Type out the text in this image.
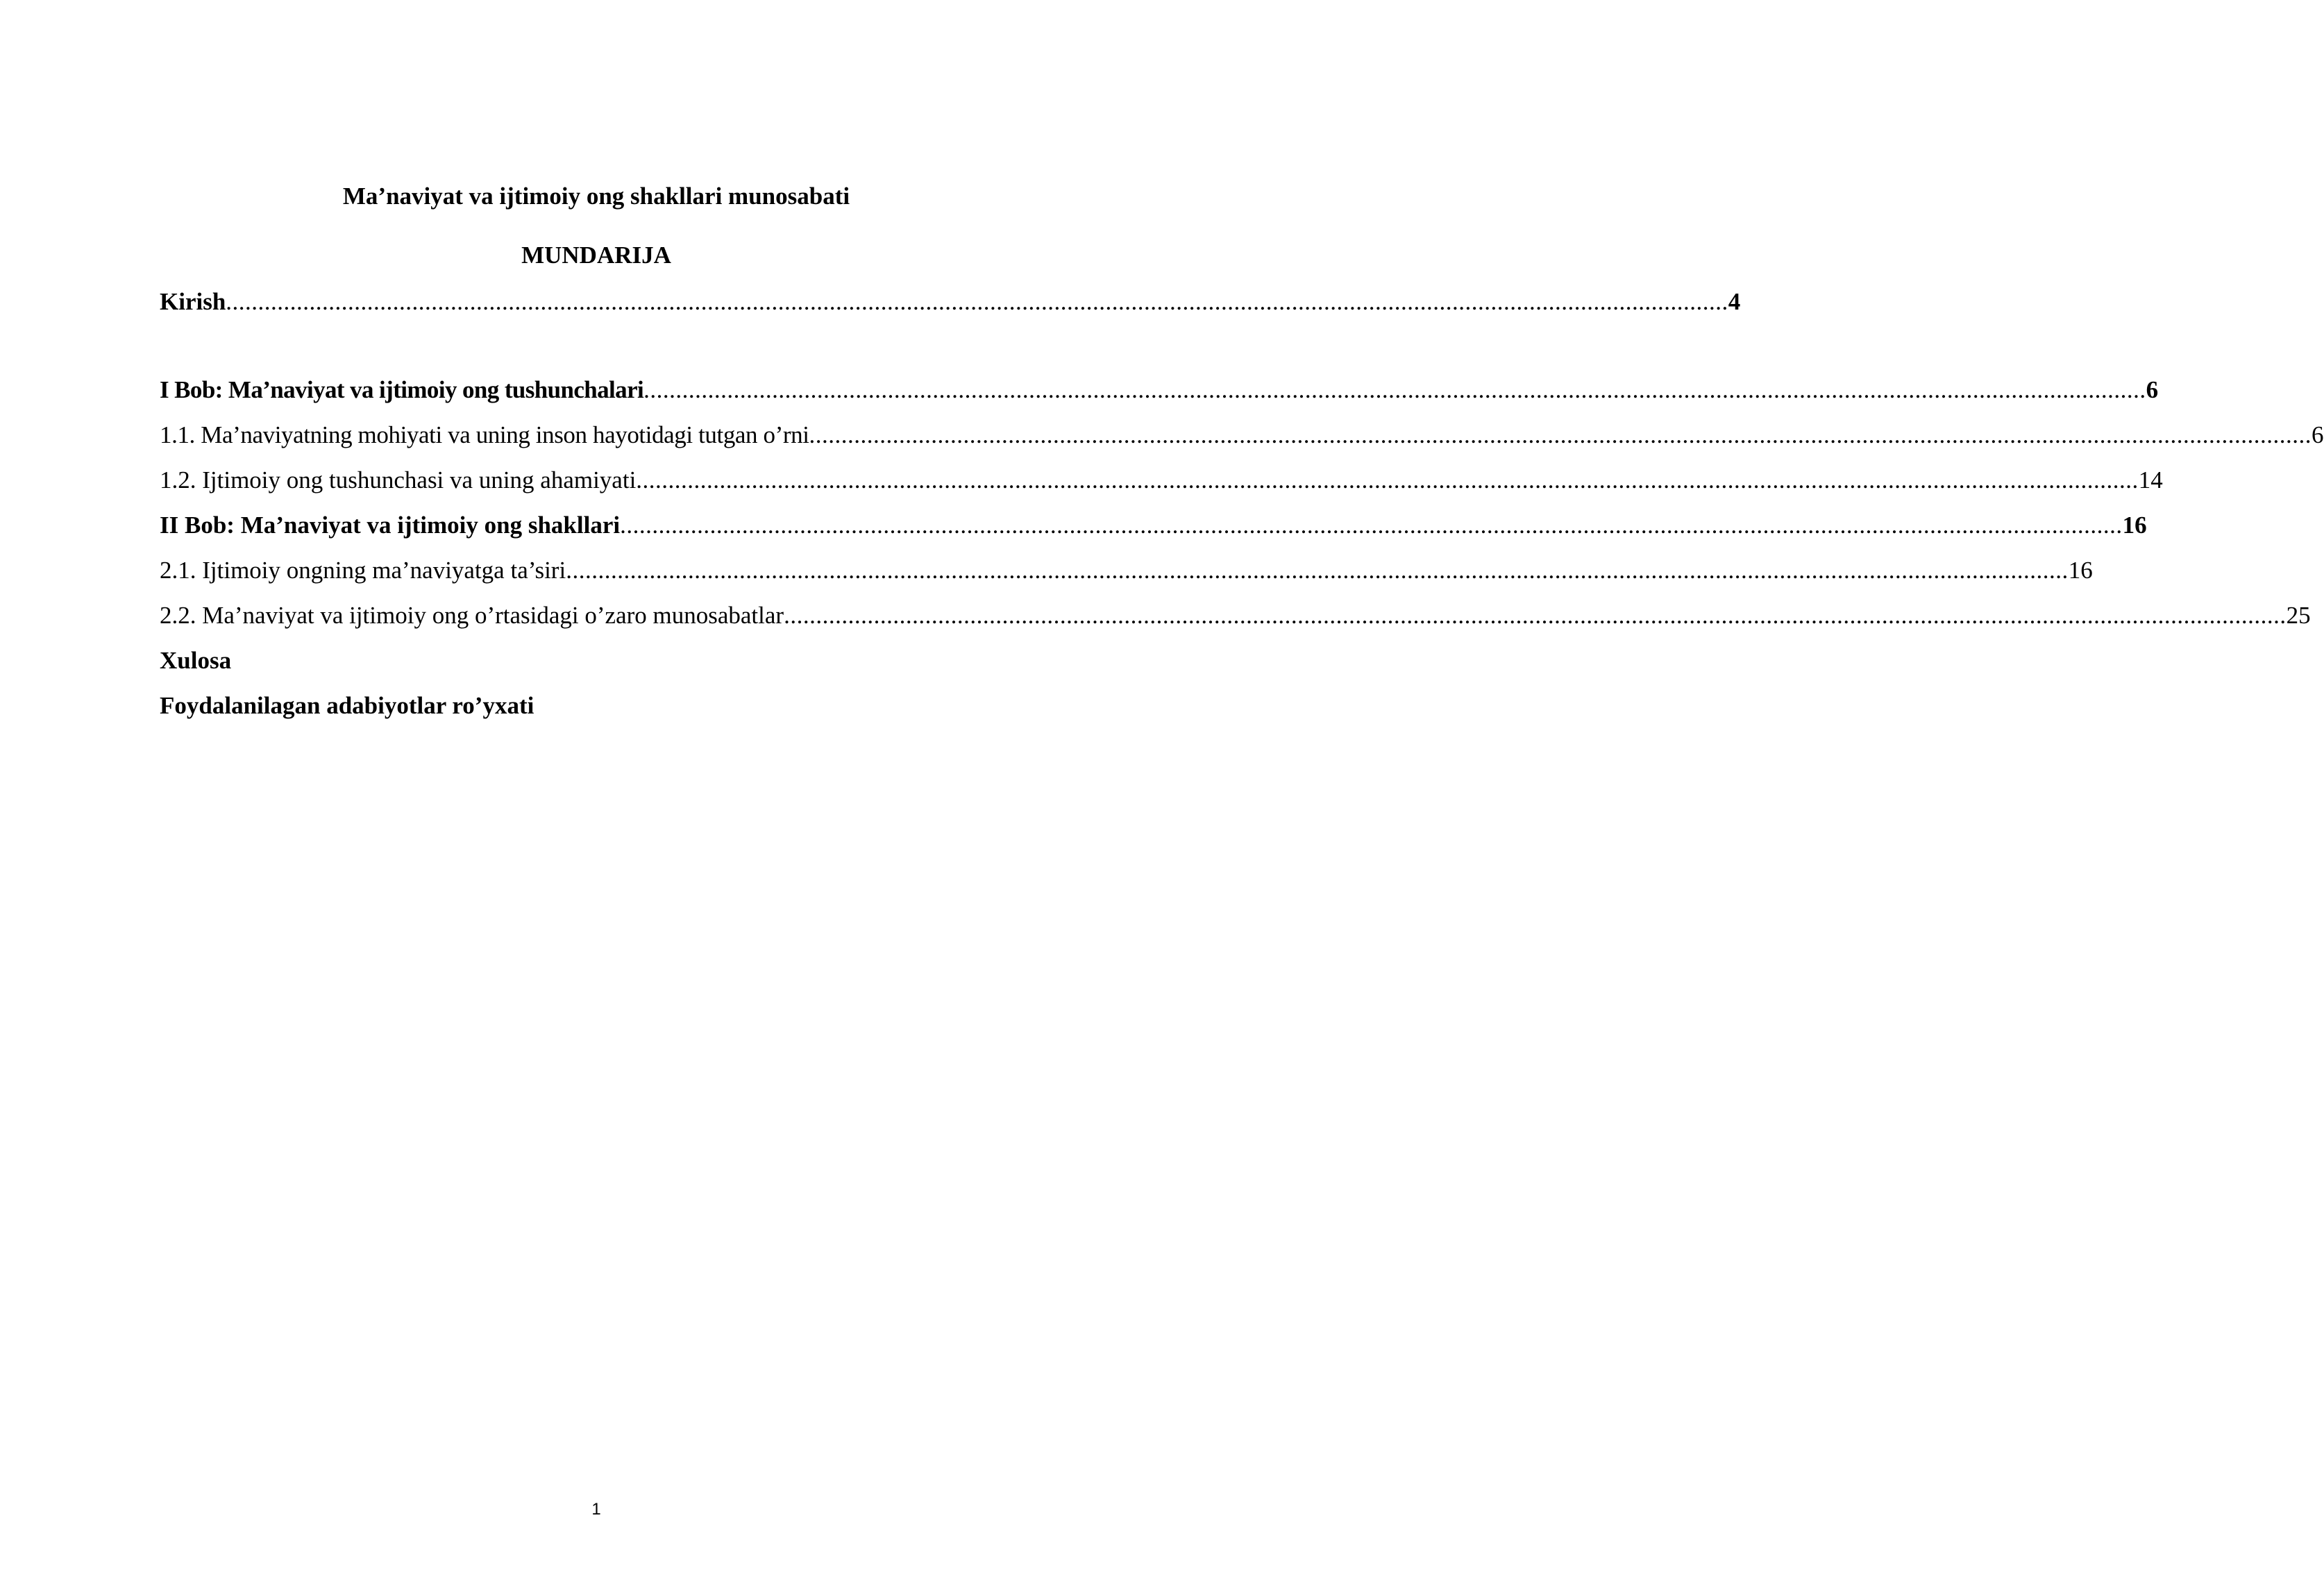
Ma’naviyat va ijtimoiy ong shakllari munosabati
MUNDARIJA
Kirish .......................................................................................................................................................................................................................................... 4
I Bob: Ma’naviyat va ijtimoiy ong tushunchalari .......................................................................................................................................................................................................................................... 6
1.1. Ma’naviyatning mohiyati va uning inson hayotidagi tutgan o’rni .......................................................................................................................................................................................................................................... 6
1.2. Ijtimoiy ong tushunchasi va uning ahamiyati .......................................................................................................................................................................................................................................... 14
II Bob: Ma’naviyat va ijtimoiy ong shakllari .......................................................................................................................................................................................................................................... 16
2.1. Ijtimoiy ongning ma’naviyatga ta’siri .......................................................................................................................................................................................................................................... 16
2.2. Ma’naviyat va ijtimoiy ong o’rtasidagi o’zaro munosabatlar .......................................................................................................................................................................................................................................... 25
Xulosa
Foydalanilagan adabiyotlar ro’yxati
1
